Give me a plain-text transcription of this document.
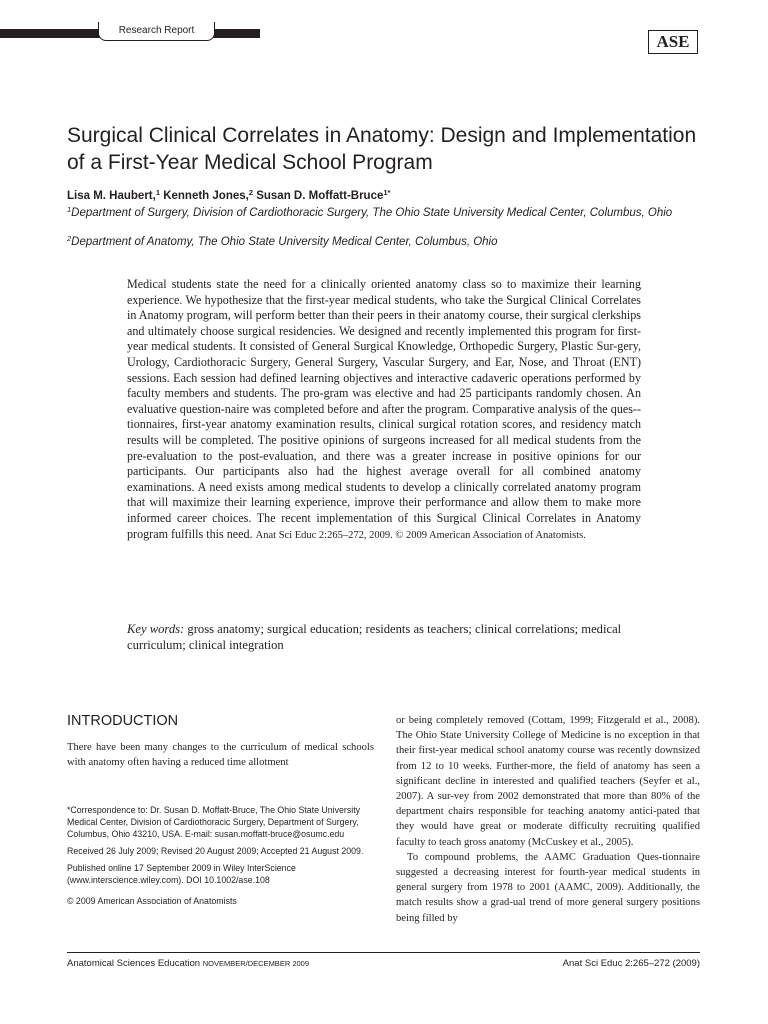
Research Report
ASE
Surgical Clinical Correlates in Anatomy: Design and Implementation of a First-Year Medical School Program
Lisa M. Haubert,$^1$ Kenneth Jones,$^2$ Susan D. Moffatt-Bruce$^{1*}$
$^1$Department of Surgery, Division of Cardiothoracic Surgery, The Ohio State University Medical Center, Columbus, Ohio
$^2$Department of Anatomy, The Ohio State University Medical Center, Columbus, Ohio

Medical students state the need for a clinically oriented anatomy class so to maximize their learning experience. We hypothesize that the first-year medical students, who take the Surgical Clinical Correlates in Anatomy program, will perform better than their peers in their anatomy course, their surgical clerkships and ultimately choose surgical residencies. We designed and recently implemented this program for first-year medical students. It consisted of General Surgical Knowledge, Orthopedic Surgery, Plastic Sur-gery, Urology, Cardiothoracic Surgery, General Surgery, Vascular Surgery, and Ear, Nose, and Throat (ENT) sessions. Each session had defined learning objectives and interactive cadaveric operations performed by faculty members and students. The pro-gram was elective and had 25 participants randomly chosen. An evaluative question-naire was completed before and after the program. Comparative analysis of the ques-tionnaires, first-year anatomy examination results, clinical surgical rotation scores, and residency match results will be completed. The positive opinions of surgeons increased for all medical students from the pre-evaluation to the post-evaluation, and there was a greater increase in positive opinions for our participants. Our participants also had the highest average overall for all combined anatomy examinations. A need exists among medical students to develop a clinically correlated anatomy program that will maximize their learning experience, improve their performance and allow them to make more informed career choices. The recent implementation of this Surgical Clinical Correlates in Anatomy program fulfills this need. Anat Sci Educ 2:265–272, 2009. © 2009 American Association of Anatomists.

Key words: gross anatomy; surgical education; residents as teachers; clinical correlations; medical curriculum; clinical integration

INTRODUCTION

There have been many changes to the curriculum of medical schools with anatomy often having a reduced time allotment

*Correspondence to: Dr. Susan D. Moffatt-Bruce, The Ohio State University Medical Center, Division of Cardiothoracic Surgery, Department of Surgery, Columbus, Ohio 43210, USA. E-mail: susan.moffatt-bruce@osumc.edu

Received 26 July 2009; Revised 20 August 2009; Accepted 21 August 2009.

Published online 17 September 2009 in Wiley InterScience (www.interscience.wiley.com). DOI 10.1002/ase.108

© 2009 American Association of Anatomists

or being completely removed (Cottam, 1999; Fitzgerald et al., 2008). The Ohio State University College of Medicine is no exception in that their first-year medical school anatomy course was recently downsized from 12 to 10 weeks. Further-more, the field of anatomy has seen a significant decline in interested and qualified teachers (Seyfer et al., 2007). A sur-vey from 2002 demonstrated that more than 80% of the department chairs responsible for teaching anatomy antici-pated that they would have great or moderate difficulty recruiting qualified faculty to teach gross anatomy (McCuskey et al., 2005).

To compound problems, the AAMC Graduation Ques-tionnaire suggested a decreasing interest for fourth-year medical students in general surgery from 1978 to 2001 (AAMC, 2009). Additionally, the match results show a grad-ual trend of more general surgery positions being filled by

Anatomical Sciences Education NOVEMBER/DECEMBER 2009	Anat Sci Educ 2:265–272 (2009)
